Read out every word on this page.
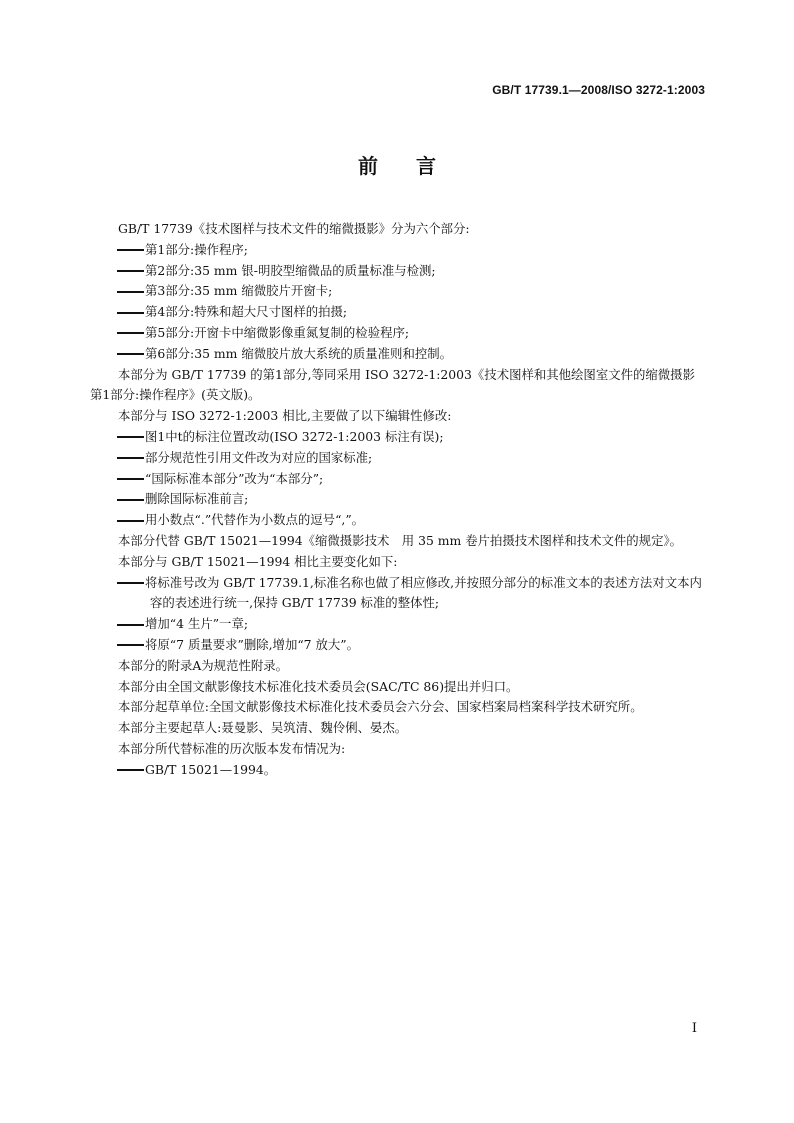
GB/T 17739.1—2008/ISO 3272-1:2003
前言
GB/T 17739《技术图样与技术文件的缩微摄影》分为六个部分:
第1部分:操作程序;
第2部分:35 mm 银-明胶型缩微品的质量标准与检测;
第3部分:35 mm 缩微胶片开窗卡;
第4部分:特殊和超大尺寸图样的拍摄;
第5部分:开窗卡中缩微影像重氮复制的检验程序;
第6部分:35 mm 缩微胶片放大系统的质量准则和控制。
本部分为 GB/T 17739 的第1部分,等同采用 ISO 3272-1:2003《技术图样和其他绘图室文件的缩微摄影　第1部分:操作程序》(英文版)。
本部分与 ISO 3272-1:2003 相比,主要做了以下编辑性修改:
图1中t的标注位置改动(ISO 3272-1:2003 标注有误);
部分规范性引用文件改为对应的国家标准;
“国际标准本部分”改为“本部分”;
删除国际标准前言;
用小数点“.”代替作为小数点的逗号“,”。
本部分代替 GB/T 15021—1994《缩微摄影技术　用 35 mm 卷片拍摄技术图样和技术文件的规定》。
本部分与 GB/T 15021—1994 相比主要变化如下:
将标准号改为 GB/T 17739.1,标准名称也做了相应修改,并按照分部分的标准文本的表述方法对文本内容的表述进行统一,保持 GB/T 17739 标准的整体性;
增加“4 生片”一章;
将原“7 质量要求”删除,增加“7 放大”。
本部分的附录A为规范性附录。
本部分由全国文献影像技术标准化技术委员会(SAC/TC 86)提出并归口。
本部分起草单位:全国文献影像技术标准化技术委员会六分会、国家档案局档案科学技术研究所。
本部分主要起草人:聂曼影、吴筑清、魏伶俐、晏杰。
本部分所代替标准的历次版本发布情况为:
GB/T 15021—1994。
I
